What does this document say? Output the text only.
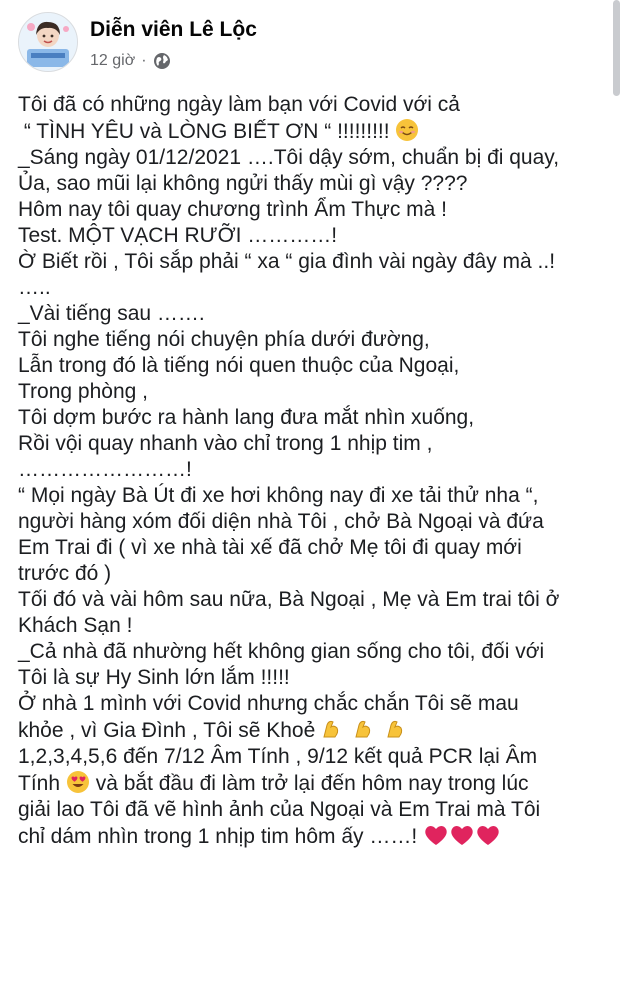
Diễn viên Lê Lộc
12 giờ ·
Tôi đã có những ngày làm bạn với Covid với cả
“ TÌNH YÊU và LÒNG BIẾT ƠN “ !!!!!!!!!
_Sáng ngày 01/12/2021 ….Tôi dậy sớm, chuẩn bị đi quay,
Ủa, sao mũi lại không ngửi thấy mùi gì vậy ????
Hôm nay tôi quay chương trình Ẩm Thực mà !
Test. MỘT VẠCH RƯỠI …………!
Ờ Biết rồi , Tôi sắp phải “ xa “ gia đình vài ngày đây mà ..!
…..
_Vài tiếng sau …….
Tôi nghe tiếng nói chuyện phía dưới đường,
Lẫn trong đó là tiếng nói quen thuộc của Ngoại,
Trong phòng ,
Tôi dợm bước ra hành lang đưa mắt nhìn xuống,
Rồi vội quay nhanh vào chỉ trong 1 nhịp tim ,
……………………!
“ Mọi ngày Bà Út đi xe hơi không nay đi xe tải thử nha “,
người hàng xóm đối diện nhà Tôi , chở Bà Ngoại và đứa
Em Trai đi ( vì xe nhà tài xế đã chở Mẹ tôi đi quay mới
trước đó )
Tối đó và vài hôm sau nữa, Bà Ngoại , Mẹ và Em trai tôi ở
Khách Sạn !
_Cả nhà đã nhường hết không gian sống cho tôi, đối với
Tôi là sự Hy Sinh lớn lắm !!!!!
Ở nhà 1 mình với Covid nhưng chắc chắn Tôi sẽ mau
khỏe , vì Gia Đình , Tôi sẽ Khoẻ
1,2,3,4,5,6 đến 7/12 Âm Tính , 9/12 kết quả PCR lại Âm
Tính
và bắt đầu đi làm trở lại đến hôm nay trong lúc
giải lao Tôi đã vẽ hình ảnh của Ngoại và Em Trai mà Tôi
chỉ dám nhìn trong 1 nhịp tim hôm ấy ……!
